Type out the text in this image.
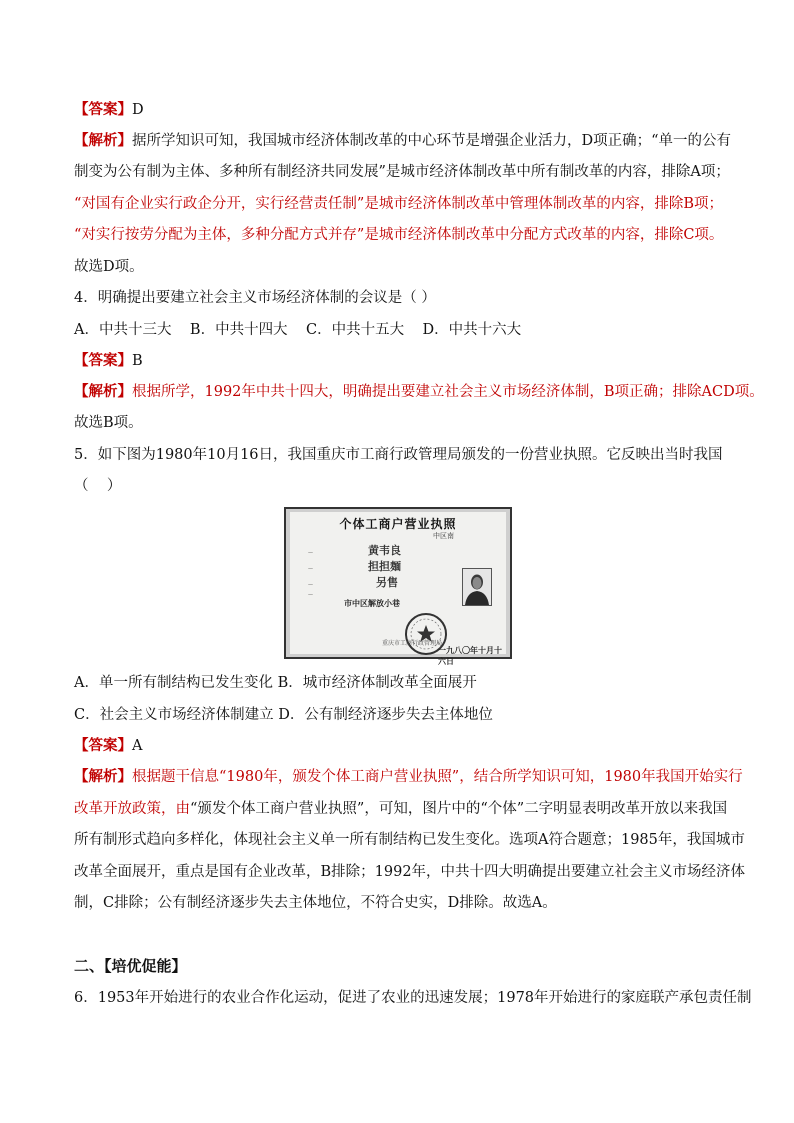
【答案】D
【解析】据所学知识可知，我国城市经济体制改革的中心环节是增强企业活力，D项正确；“单一的公有
制变为公有制为主体、多种所有制经济共同发展”是城市经济体制改革中所有制改革的内容，排除A项；
“对国有企业实行政企分开，实行经营责任制”是城市经济体制改革中管理体制改革的内容，排除B项；
“对实行按劳分配为主体，多种分配方式并存”是城市经济体制改革中分配方式改革的内容，排除C项。
故选D项。
4．明确提出要建立社会主义市场经济体制的会议是（ ）
A．中共十三大    B．中共十四大    C．中共十五大    D．中共十六大
【答案】B
【解析】根据所学，1992年中共十四大，明确提出要建立社会主义市场经济体制，B项正确；排除ACD项。
故选B项。
5．如下图为1980年10月16日，我国重庆市工商行政管理局颁发的一份营业执照。它反映出当时我国
（    ）
个体工商户营业执照
中区南
—	黄韦良
—	担担麺
—	另售
—
市中区解放小巷
重庆市工商行政管理局
一九八〇年十月十六日
A．单一所有制结构已发生变化 B．城市经济体制改革全面展开
C．社会主义市场经济体制建立 D．公有制经济逐步失去主体地位
【答案】A
【解析】根据题干信息“1980年，颁发个体工商户营业执照”，结合所学知识可知，1980年我国开始实行
改革开放政策，由“颁发个体工商户营业执照”，可知，图片中的“个体”二字明显表明改革开放以来我国
所有制形式趋向多样化，体现社会主义单一所有制结构已发生变化。选项A符合题意；1985年，我国城市
改革全面展开，重点是国有企业改革，B排除；1992年，中共十四大明确提出要建立社会主义市场经济体
制，C排除；公有制经济逐步失去主体地位，不符合史实，D排除。故选A。
二、【培优促能】
6．1953年开始进行的农业合作化运动，促进了农业的迅速发展；1978年开始进行的家庭联产承包责任制
